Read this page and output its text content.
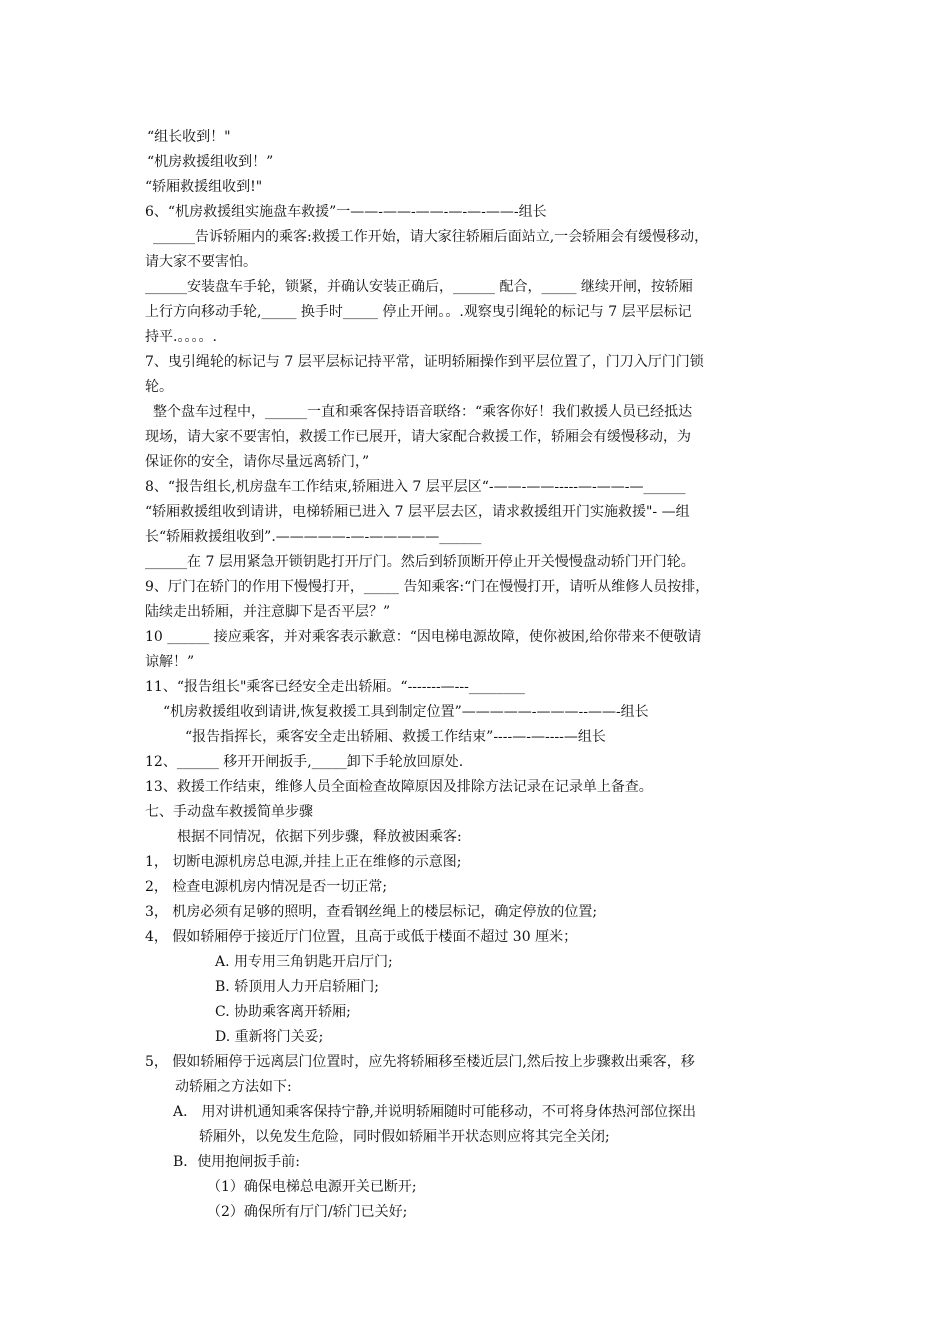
“组长收到！"
“机房救援组收到！”
“轿厢救援组收到!"
6、“机房救援组实施盘车救援”一——-——-——-—-—-——-组长
______告诉轿厢内的乘客:救援工作开始，请大家往轿厢后面站立,一会轿厢会有缓慢移动，
请大家不要害怕。
______安装盘车手轮，锁紧，并确认安装正确后，______ 配合，_____ 继续开闸，按轿厢
上行方向移动手轮,_____ 换手时_____ 停止开闸。。.观察曳引绳轮的标记与 7 层平层标记
持平.。。。。.
7、曳引绳轮的标记与 7 层平层标记持平常，证明轿厢操作到平层位置了，门刀入厅门门锁
轮。
整个盘车过程中，______一直和乘客保持语音联络：“乘客你好！我们救援人员已经抵达
现场，请大家不要害怕，救援工作已展开，请大家配合救援工作，轿厢会有缓慢移动，为
保证你的安全，请你尽量远离轿门，”
8、“报告组长,机房盘车工作结束,轿厢进入 7 层平层区“-——-——-----—-——-—______
“轿厢救援组收到请讲，电梯轿厢已进入 7 层平层去区，请求救援组开门实施救援"- —组
长“轿厢救援组收到”.—————-—-—————______
______在 7 层用紧急开锁钥匙打开厅门。然后到轿顶断开停止开关慢慢盘动轿门开门轮。
9、厅门在轿门的作用下慢慢打开，_____ 告知乘客:“门在慢慢打开，请听从维修人员按排，
陆续走出轿厢，并注意脚下是否平层？”
10 ______ 接应乘客，并对乘客表示歉意：“因电梯电源故障，使你被困,给你带来不便敬请
谅解！”
11、“报告组长"乘客已经安全走出轿厢。“-------—---________
“机房救援组收到请讲,恢复救援工具到制定位置”—————-———--——-组长
“报告指挥长，乘客安全走出轿厢、救援工作结束”----—-—----—组长
12、______ 移开开闸扳手,_____卸下手轮放回原处.
13、救援工作结束，维修人员全面检查故障原因及排除方法记录在记录单上备查。
七、手动盘车救援简单步骤
根据不同情况，依据下列步骤，释放被困乘客:
1， 切断电源机房总电源,并挂上正在维修的示意图;
2， 检查电源机房内情况是否一切正常;
3， 机房必须有足够的照明，查看钢丝绳上的楼层标记，确定停放的位置;
4， 假如轿厢停于接近厅门位置，且高于或低于楼面不超过 30 厘米；
A. 用专用三角钥匙开启厅门;
B. 轿顶用人力开启轿厢门;
C. 协助乘客离开轿厢;
D. 重新将门关妥;
5， 假如轿厢停于远离层门位置时，应先将轿厢移至楼近层门,然后按上步骤救出乘客，移
动轿厢之方法如下:
A． 用对讲机通知乘客保持宁静,并说明轿厢随时可能移动，不可将身体热河部位探出
轿厢外，以免发生危险，同时假如轿厢半开状态则应将其完全关闭;
B．使用抱闸扳手前:
（1）确保电梯总电源开关已断开;
（2）确保所有厅门/轿门已关好;
